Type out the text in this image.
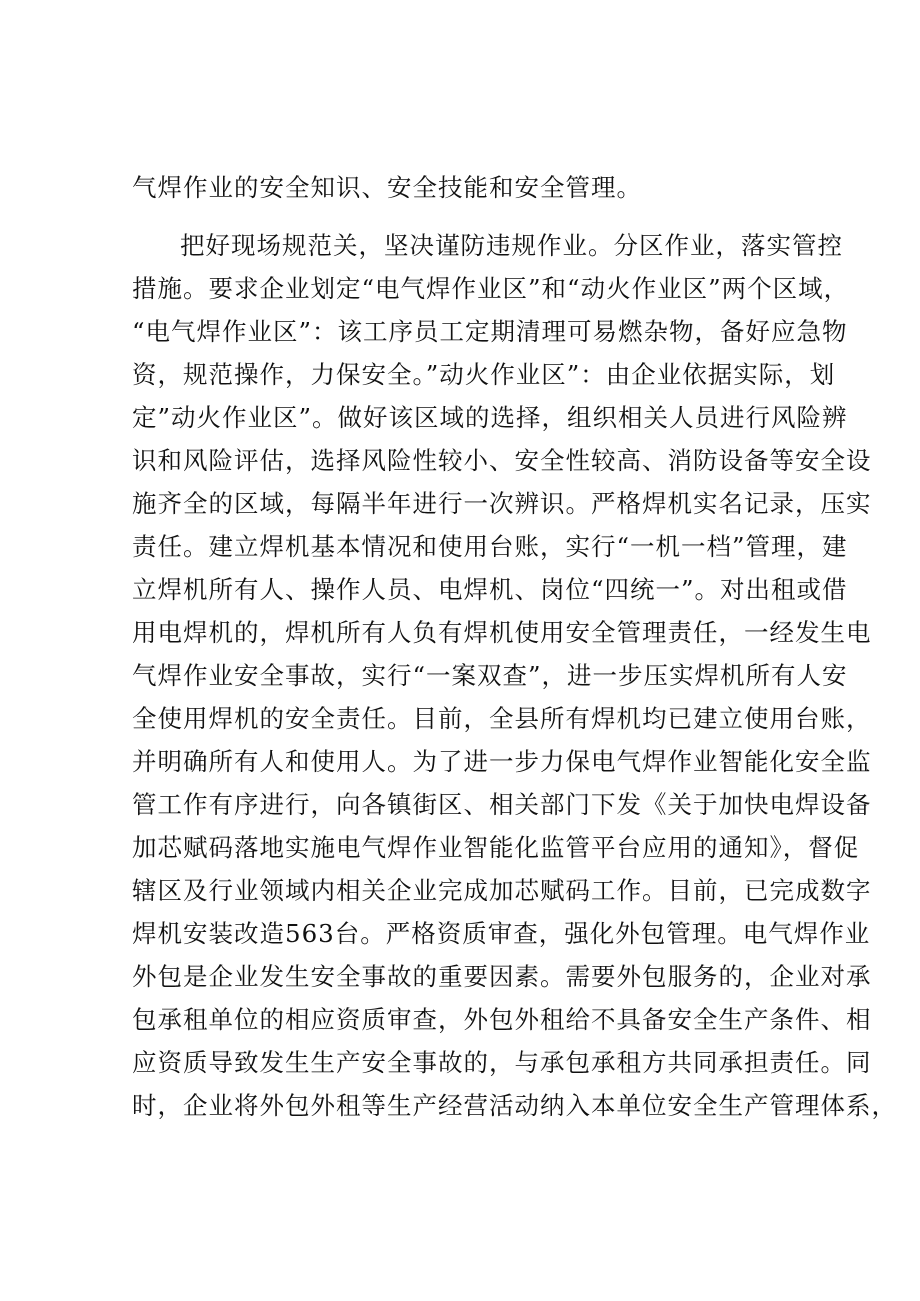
气焊作业的安全知识、安全技能和安全管理。
把好现场规范关，坚决谨防违规作业。分区作业，落实管控
措施。要求企业划定“电气焊作业区”和“动火作业区”两个区域，
“电气焊作业区”：该工序员工定期清理可易燃杂物，备好应急物
资，规范操作，力保安全。”动火作业区”：由企业依据实际，划
定”动火作业区”。做好该区域的选择，组织相关人员进行风险辨
识和风险评估，选择风险性较小、安全性较高、消防设备等安全设
施齐全的区域，每隔半年进行一次辨识。严格焊机实名记录，压实
责任。建立焊机基本情况和使用台账，实行“一机一档”管理，建
立焊机所有人、操作人员、电焊机、岗位“四统一”。对出租或借
用电焊机的，焊机所有人负有焊机使用安全管理责任，一经发生电
气焊作业安全事故，实行“一案双查”，进一步压实焊机所有人安
全使用焊机的安全责任。目前，全县所有焊机均已建立使用台账，
并明确所有人和使用人。为了进一步力保电气焊作业智能化安全监
管工作有序进行，向各镇街区、相关部门下发《关于加快电焊设备
加芯赋码落地实施电气焊作业智能化监管平台应用的通知》，督促
辖区及行业领域内相关企业完成加芯赋码工作。目前，已完成数字
焊机安装改造563台。严格资质审查，强化外包管理。电气焊作业
外包是企业发生安全事故的重要因素。需要外包服务的，企业对承
包承租单位的相应资质审查，外包外租给不具备安全生产条件、相
应资质导致发生生产安全事故的，与承包承租方共同承担责任。同
时，企业将外包外租等生产经营活动纳入本单位安全生产管理体系，
